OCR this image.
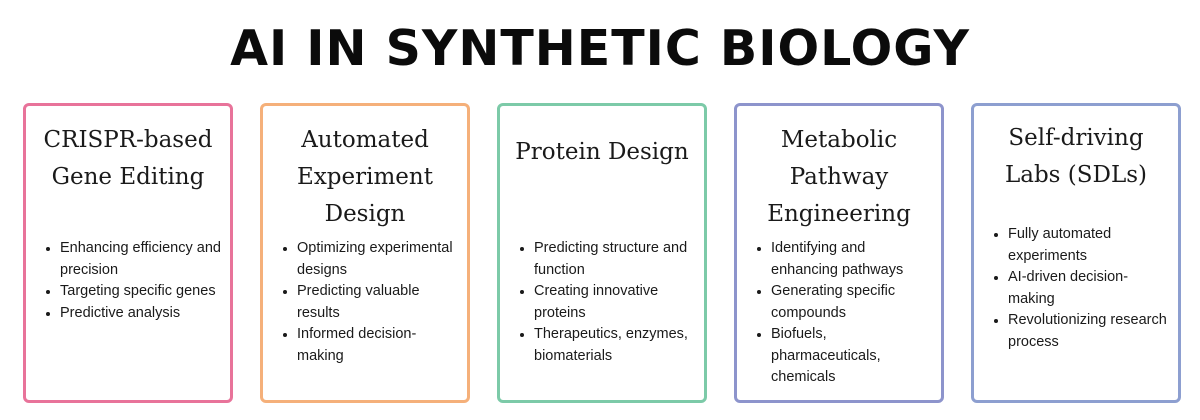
AI IN SYNTHETIC BIOLOGY
CRISPR-based Gene Editing
• Enhancing efficiency and precision
• Targeting specific genes
• Predictive analysis
Automated Experiment Design
• Optimizing experimental designs
• Predicting valuable results
• Informed decision-making
Protein Design
• Predicting structure and function
• Creating innovative proteins
• Therapeutics, enzymes, biomaterials
Metabolic Pathway Engineering
• Identifying and enhancing pathways
• Generating specific compounds
• Biofuels, pharmaceuticals, chemicals
Self-driving Labs (SDLs)
• Fully automated experiments
• AI-driven decision-making
• Revolutionizing research process
